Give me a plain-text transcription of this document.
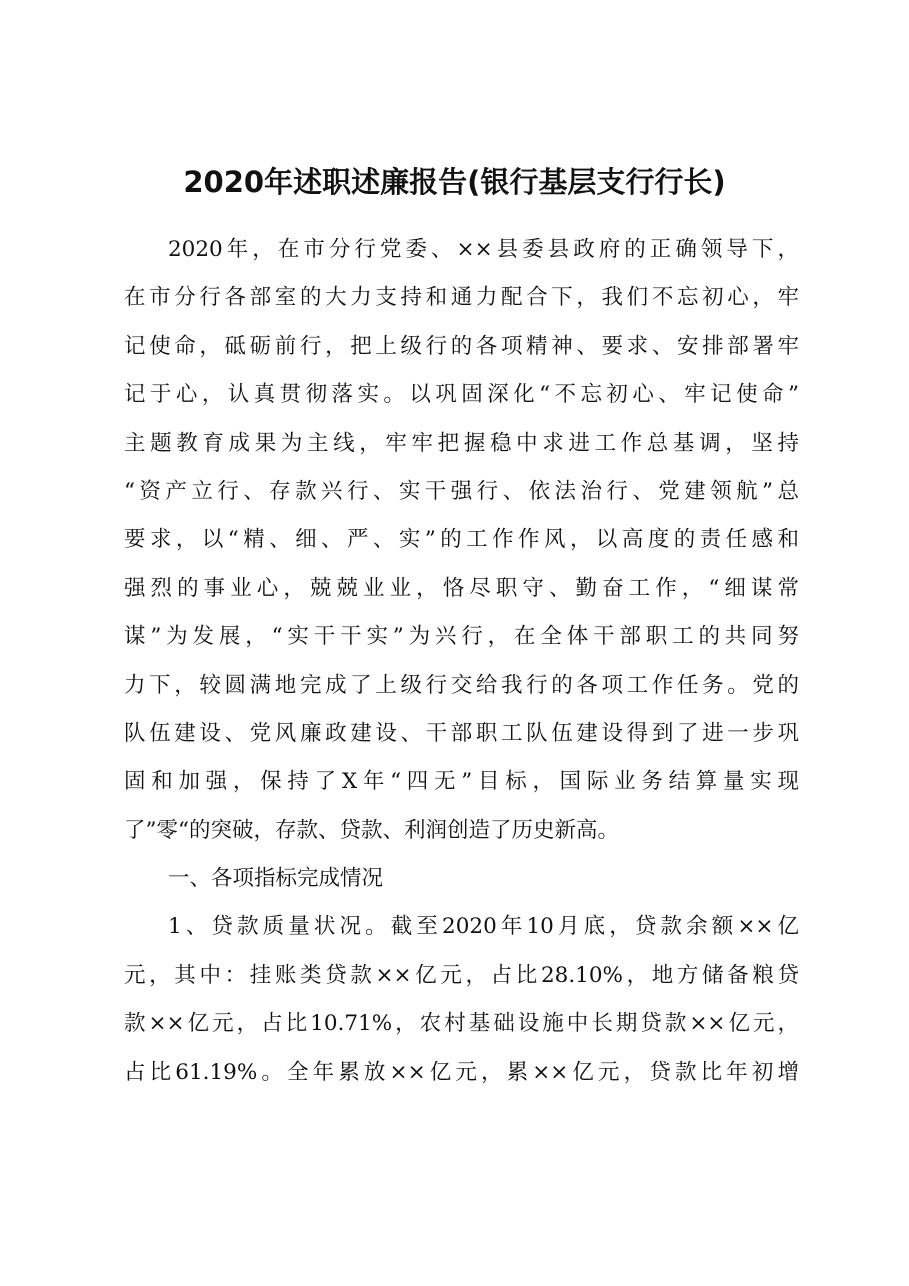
2020年述职述廉报告(银行基层支行行长)
2020年，在市分行党委、××县委县政府的正确领导下，
在市分行各部室的大力支持和通力配合下，我们不忘初心，牢
记使命，砥砺前行，把上级行的各项精神、要求、安排部署牢
记于心，认真贯彻落实。以巩固深化“不忘初心、牢记使命”
主题教育成果为主线，牢牢把握稳中求进工作总基调，坚持
“资产立行、存款兴行、实干强行、依法治行、党建领航”总
要求，以“精、细、严、实”的工作作风，以高度的责任感和
强烈的事业心，兢兢业业，恪尽职守、勤奋工作，“细谋常
谋”为发展，“实干干实”为兴行，在全体干部职工的共同努
力下，较圆满地完成了上级行交给我行的各项工作任务。党的
队伍建设、党风廉政建设、干部职工队伍建设得到了进一步巩
固和加强，保持了X年“四无”目标，国际业务结算量实现
了”零“的突破，存款、贷款、利润创造了历史新高。
一、各项指标完成情况
1、贷款质量状况。截至2020年10月底，贷款余额××亿
元，其中：挂账类贷款××亿元，占比28.10%，地方储备粮贷
款××亿元，占比10.71%，农村基础设施中长期贷款××亿元，
占比61.19%。全年累放××亿元，累××亿元，贷款比年初增
